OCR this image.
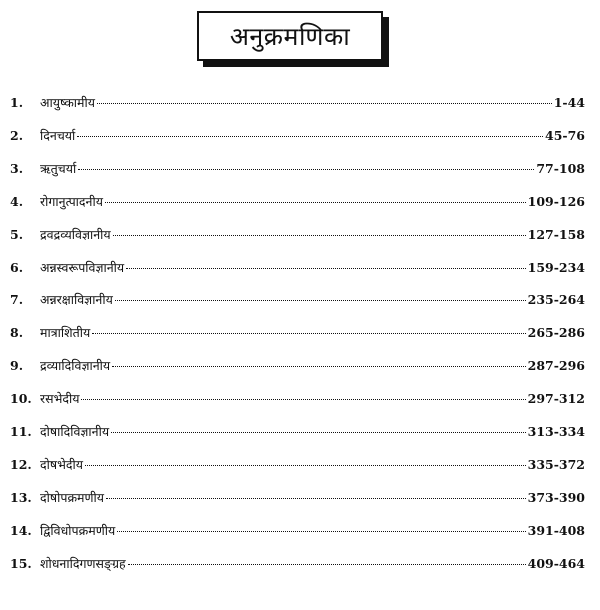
अनुक्रमणिका
1.	आयुष्कामीय	1-44
2.	दिनचर्या	45-76
3.	ऋतुचर्या	77-108
4.	रोगानुत्पादनीय	109-126
5.	द्रवद्रव्यविज्ञानीय	127-158
6.	अन्नस्वरूपविज्ञानीय	159-234
7.	अन्नरक्षाविज्ञानीय	235-264
8.	मात्राशितीय	265-286
9.	द्रव्यादिविज्ञानीय	287-296
10. रसभेदीय	297-312
11. दोषादिविज्ञानीय	313-334
12. दोषभेदीय	335-372
13. दोषोपक्रमणीय	373-390
14. द्विविधोपक्रमणीय	391-408
15. शोधनादिगणसङ्ग्रह	409-464
